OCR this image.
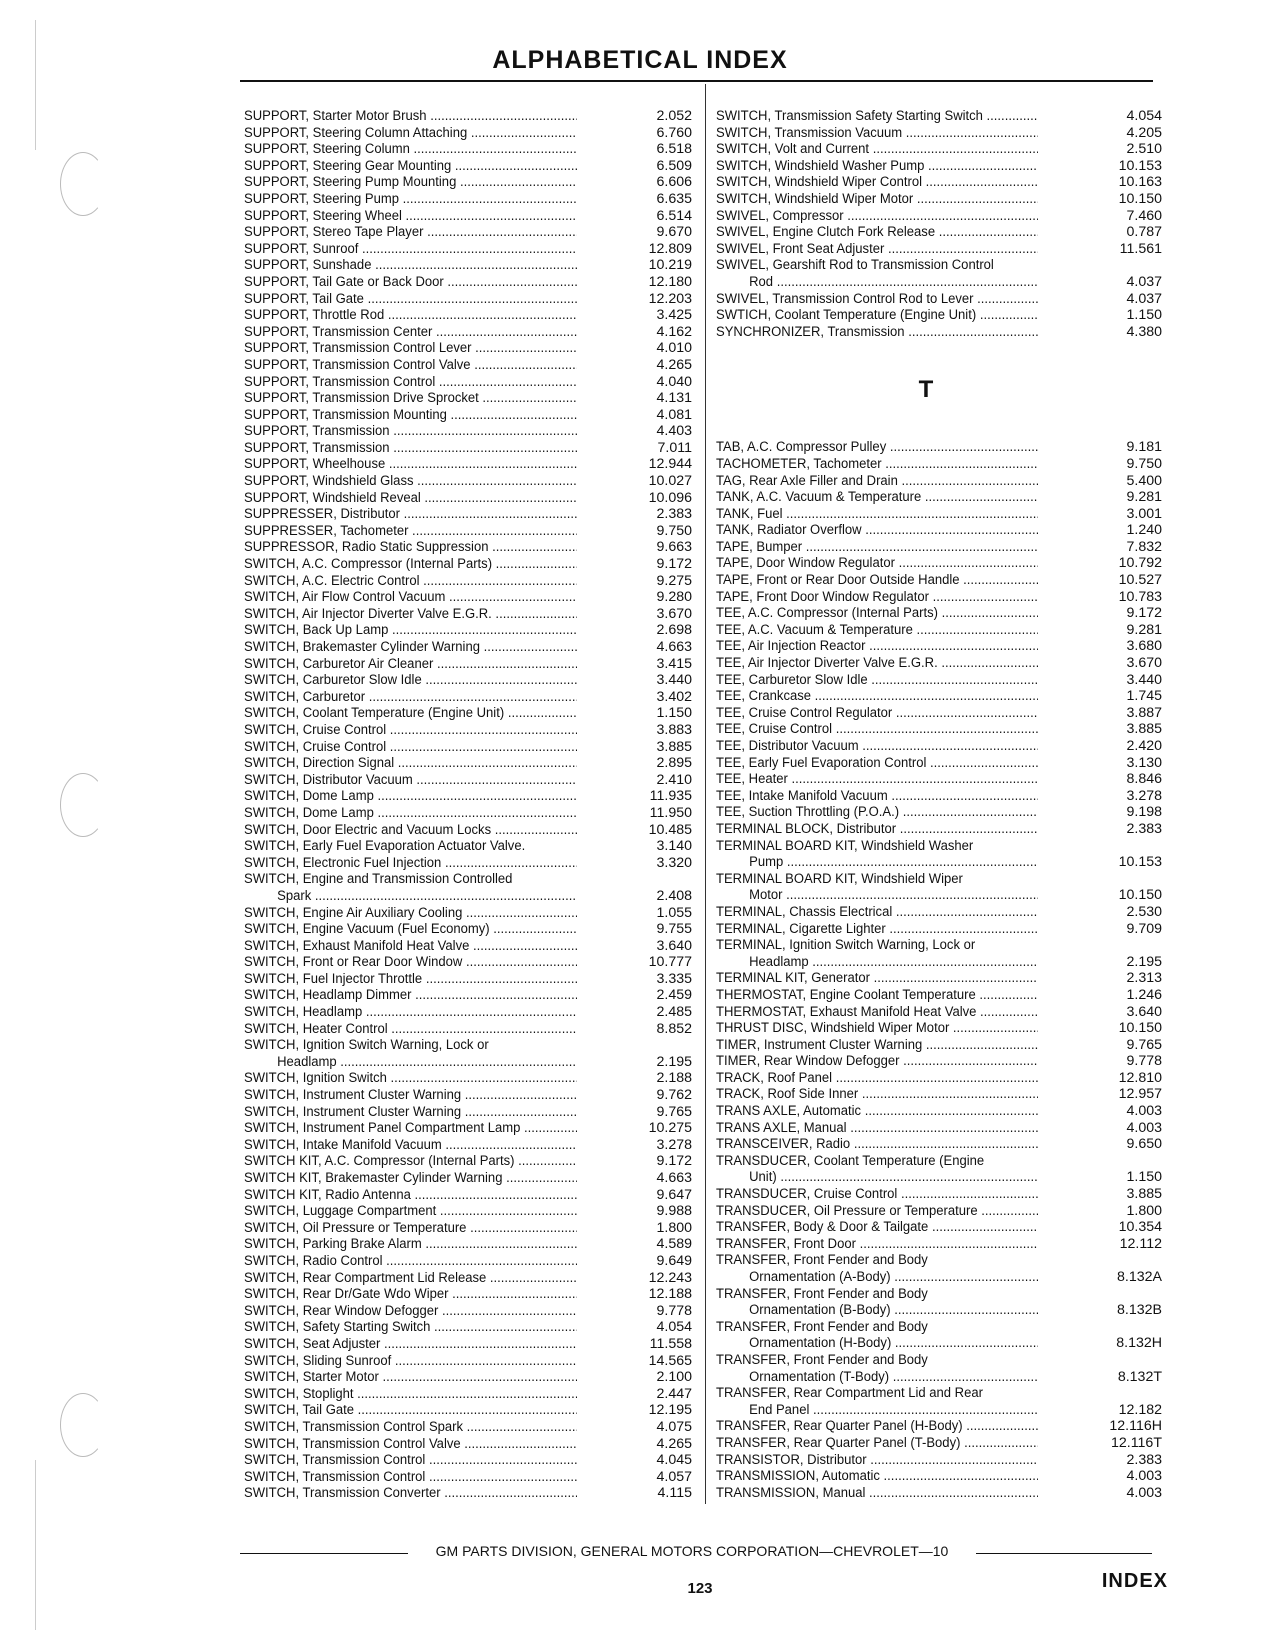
ALPHABETICAL INDEX
SUPPORT, Starter Motor Brush .....	2.052
SUPPORT, Steering Column Attaching .....	6.760
SUPPORT, Steering Column .....	6.518
SUPPORT, Steering Gear Mounting .....	6.509
SUPPORT, Steering Pump Mounting .....	6.606
SUPPORT, Steering Pump .....	6.635
SUPPORT, Steering Wheel .....	6.514
SUPPORT, Stereo Tape Player .....	9.670
SUPPORT, Sunroof .....	12.809
SUPPORT, Sunshade .....	10.219
SUPPORT, Tail Gate or Back Door .....	12.180
SUPPORT, Tail Gate .....	12.203
SUPPORT, Throttle Rod .....	3.425
SUPPORT, Transmission Center .....	4.162
SUPPORT, Transmission Control Lever .....	4.010
SUPPORT, Transmission Control Valve .....	4.265
SUPPORT, Transmission Control .....	4.040
SUPPORT, Transmission Drive Sprocket .....	4.131
SUPPORT, Transmission Mounting .....	4.081
SUPPORT, Transmission .....	4.403
SUPPORT, Transmission .....	7.011
SUPPORT, Wheelhouse .....	12.944
SUPPORT, Windshield Glass .....	10.027
SUPPORT, Windshield Reveal .....	10.096
SUPPRESSER, Distributor .....	2.383
SUPPRESSER, Tachometer .....	9.750
SUPPRESSOR, Radio Static Suppression .....	9.663
SWITCH, A.C. Compressor (Internal Parts) .....	9.172
SWITCH, A.C. Electric Control .....	9.275
SWITCH, Air Flow Control Vacuum .....	9.280
SWITCH, Air Injector Diverter Valve E.G.R. .....	3.670
SWITCH, Back Up Lamp .....	2.698
SWITCH, Brakemaster Cylinder Warning .....	4.663
SWITCH, Carburetor Air Cleaner .....	3.415
SWITCH, Carburetor Slow Idle .....	3.440
SWITCH, Carburetor .....	3.402
SWITCH, Coolant Temperature (Engine Unit) .....	1.150
SWITCH, Cruise Control .....	3.883
SWITCH, Cruise Control .....	3.885
SWITCH, Direction Signal .....	2.895
SWITCH, Distributor Vacuum .....	2.410
SWITCH, Dome Lamp .....	11.935
SWITCH, Dome Lamp .....	11.950
SWITCH, Door Electric and Vacuum Locks .....	10.485
SWITCH, Early Fuel Evaporation Actuator Valve.	3.140
SWITCH, Electronic Fuel Injection .....	3.320
SWITCH, Engine and Transmission Controlled
Spark .....	2.408
SWITCH, Engine Air Auxiliary Cooling .....	1.055
SWITCH, Engine Vacuum (Fuel Economy) .....	9.755
SWITCH, Exhaust Manifold Heat Valve .....	3.640
SWITCH, Front or Rear Door Window .....	10.777
SWITCH, Fuel Injector Throttle .....	3.335
SWITCH, Headlamp Dimmer .....	2.459
SWITCH, Headlamp .....	2.485
SWITCH, Heater Control .....	8.852
SWITCH, Ignition Switch Warning, Lock or
Headlamp .....	2.195
SWITCH, Ignition Switch .....	2.188
SWITCH, Instrument Cluster Warning .....	9.762
SWITCH, Instrument Cluster Warning .....	9.765
SWITCH, Instrument Panel Compartment Lamp .....	10.275
SWITCH, Intake Manifold Vacuum .....	3.278
SWITCH KIT, A.C. Compressor (Internal Parts) .....	9.172
SWITCH KIT, Brakemaster Cylinder Warning .....	4.663
SWITCH KIT, Radio Antenna .....	9.647
SWITCH, Luggage Compartment .....	9.988
SWITCH, Oil Pressure or Temperature .....	1.800
SWITCH, Parking Brake Alarm .....	4.589
SWITCH, Radio Control .....	9.649
SWITCH, Rear Compartment Lid Release .....	12.243
SWITCH, Rear Dr/Gate Wdo Wiper .....	12.188
SWITCH, Rear Window Defogger .....	9.778
SWITCH, Safety Starting Switch .....	4.054
SWITCH, Seat Adjuster .....	11.558
SWITCH, Sliding Sunroof .....	14.565
SWITCH, Starter Motor .....	2.100
SWITCH, Stoplight .....	2.447
SWITCH, Tail Gate .....	12.195
SWITCH, Transmission Control Spark .....	4.075
SWITCH, Transmission Control Valve .....	4.265
SWITCH, Transmission Control .....	4.045
SWITCH, Transmission Control .....	4.057
SWITCH, Transmission Converter .....	4.115
SWITCH, Transmission Safety Starting Switch .....	4.054
SWITCH, Transmission Vacuum .....	4.205
SWITCH, Volt and Current .....	2.510
SWITCH, Windshield Washer Pump .....	10.153
SWITCH, Windshield Wiper Control .....	10.163
SWITCH, Windshield Wiper Motor .....	10.150
SWIVEL, Compressor .....	7.460
SWIVEL, Engine Clutch Fork Release .....	0.787
SWIVEL, Front Seat Adjuster .....	11.561
SWIVEL, Gearshift Rod to Transmission Control
Rod .....	4.037
SWIVEL, Transmission Control Rod to Lever .....	4.037
SWTICH, Coolant Temperature (Engine Unit) .....	1.150
SYNCHRONIZER, Transmission .....	4.380
T
TAB, A.C. Compressor Pulley .....	9.181
TACHOMETER, Tachometer .....	9.750
TAG, Rear Axle Filler and Drain .....	5.400
TANK, A.C. Vacuum & Temperature .....	9.281
TANK, Fuel .....	3.001
TANK, Radiator Overflow .....	1.240
TAPE, Bumper .....	7.832
TAPE, Door Window Regulator .....	10.792
TAPE, Front or Rear Door Outside Handle .....	10.527
TAPE, Front Door Window Regulator .....	10.783
TEE, A.C. Compressor (Internal Parts) .....	9.172
TEE, A.C. Vacuum & Temperature .....	9.281
TEE, Air Injection Reactor .....	3.680
TEE, Air Injector Diverter Valve E.G.R. .....	3.670
TEE, Carburetor Slow Idle .....	3.440
TEE, Crankcase .....	1.745
TEE, Cruise Control Regulator .....	3.887
TEE, Cruise Control .....	3.885
TEE, Distributor Vacuum .....	2.420
TEE, Early Fuel Evaporation Control .....	3.130
TEE, Heater .....	8.846
TEE, Intake Manifold Vacuum .....	3.278
TEE, Suction Throttling (P.O.A.) .....	9.198
TERMINAL BLOCK, Distributor .....	2.383
TERMINAL BOARD KIT, Windshield Washer
Pump .....	10.153
TERMINAL BOARD KIT, Windshield Wiper
Motor .....	10.150
TERMINAL, Chassis Electrical .....	2.530
TERMINAL, Cigarette Lighter .....	9.709
TERMINAL, Ignition Switch Warning, Lock or
Headlamp .....	2.195
TERMINAL KIT, Generator .....	2.313
THERMOSTAT, Engine Coolant Temperature .....	1.246
THERMOSTAT, Exhaust Manifold Heat Valve .....	3.640
THRUST DISC, Windshield Wiper Motor .....	10.150
TIMER, Instrument Cluster Warning .....	9.765
TIMER, Rear Window Defogger .....	9.778
TRACK, Roof Panel .....	12.810
TRACK, Roof Side Inner .....	12.957
TRANS AXLE, Automatic .....	4.003
TRANS AXLE, Manual .....	4.003
TRANSCEIVER, Radio .....	9.650
TRANSDUCER, Coolant Temperature (Engine
Unit) .....	1.150
TRANSDUCER, Cruise Control .....	3.885
TRANSDUCER, Oil Pressure or Temperature .....	1.800
TRANSFER, Body & Door & Tailgate .....	10.354
TRANSFER, Front Door .....	12.112
TRANSFER, Front Fender and Body
Ornamentation (A-Body) .....	8.132A
TRANSFER, Front Fender and Body
Ornamentation (B-Body) .....	8.132B
TRANSFER, Front Fender and Body
Ornamentation (H-Body) .....	8.132H
TRANSFER, Front Fender and Body
Ornamentation (T-Body) .....	8.132T
TRANSFER, Rear Compartment Lid and Rear
End Panel .....	12.182
TRANSFER, Rear Quarter Panel (H-Body) .....	12.116H
TRANSFER, Rear Quarter Panel (T-Body) .....	12.116T
TRANSISTOR, Distributor .....	2.383
TRANSMISSION, Automatic .....	4.003
TRANSMISSION, Manual .....	4.003
GM PARTS DIVISION, GENERAL MOTORS CORPORATION—CHEVROLET—10
123	INDEX
